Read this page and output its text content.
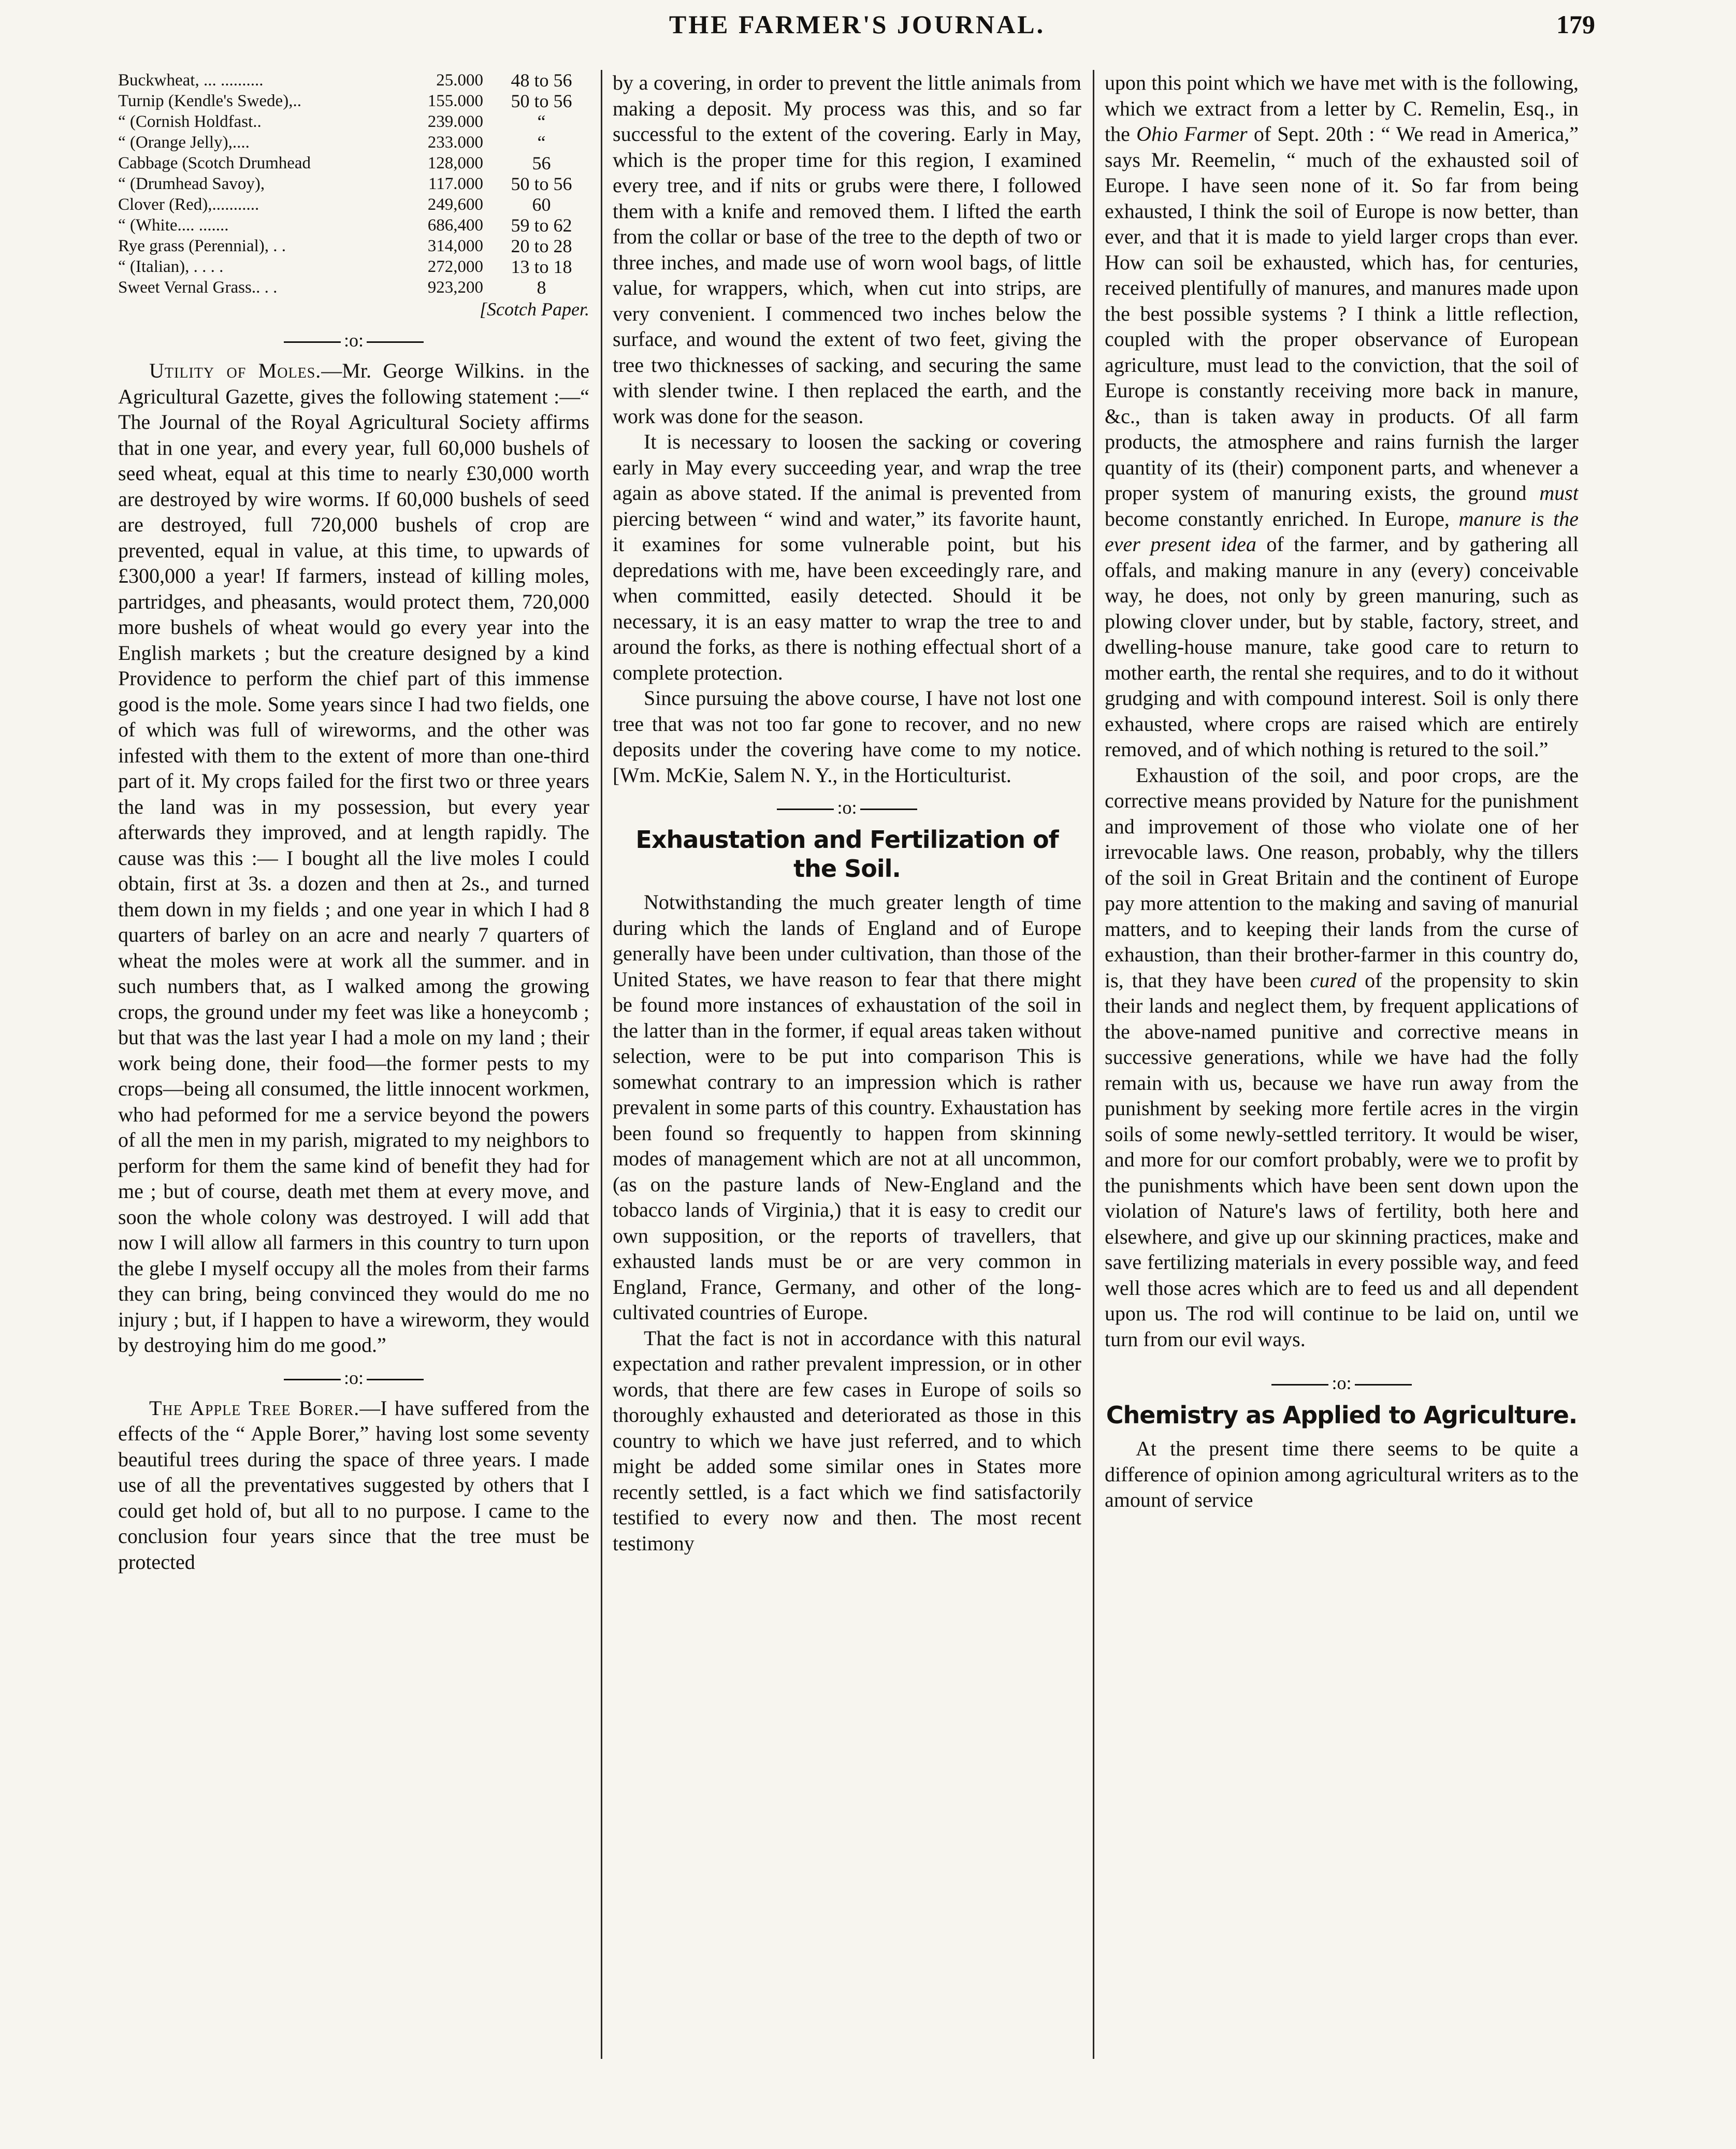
THE FARMER'S JOURNAL.	179
Buckwheat, ... ..........	25.000	48 to 56
Turnip (Kendle's Swede),..	155.000	50 to 56
“ (Cornish Holdfast..	239.000	“
“ (Orange Jelly),....	233.000	“
Cabbage (Scotch Drumhead	128,000	56
“ (Drumhead Savoy),	117.000	50 to 56
Clover (Red),...........	249,600	60
“ (White.... .......	686,400	59 to 62
Rye grass (Perennial), . .	314,000	20 to 28
“ (Italian), . . . .	272,000	13 to 18
Sweet Vernal Grass.. . .	923,200	8
[Scotch Paper.
:o:

Utility of Moles.—Mr. George Wilkins. in the Agricultural Gazette, gives the following statement :—“ The Journal of the Royal Agricultural Society affirms that in one year, and every year, full 60,000 bushels of seed wheat, equal at this time to nearly £30,000 worth are destroyed by wire worms. If 60,000 bushels of seed are destroyed, full 720,000 bushels of crop are prevented, equal in value, at this time, to upwards of £300,000 a year! If farmers, instead of killing moles, partridges, and pheasants, would protect them, 720,000 more bushels of wheat would go every year into the English markets ; but the creature designed by a kind Providence to perform the chief part of this immense good is the mole. Some years since I had two fields, one of which was full of wireworms, and the other was infested with them to the extent of more than one-third part of it. My crops failed for the first two or three years the land was in my possession, but every year afterwards they improved, and at length rapidly. The cause was this :— I bought all the live moles I could obtain, first at 3s. a dozen and then at 2s., and turned them down in my fields ; and one year in which I had 8 quarters of barley on an acre and nearly 7 quarters of wheat the moles were at work all the summer. and in such numbers that, as I walked among the growing crops, the ground under my feet was like a honeycomb ; but that was the last year I had a mole on my land ; their work being done, their food—the former pests to my crops—being all consumed, the little innocent workmen, who had peformed for me a service beyond the powers of all the men in my parish, migrated to my neighbors to perform for them the same kind of benefit they had for me ; but of course, death met them at every move, and soon the whole colony was destroyed. I will add that now I will allow all farmers in this country to turn upon the glebe I myself occupy all the moles from their farms they can bring, being convinced they would do me no injury ; but, if I happen to have a wireworm, they would by destroying him do me good.”

:o:

The Apple Tree Borer.—I have suffered from the effects of the “ Apple Borer,” having lost some seventy beautiful trees during the space of three years. I made use of all the preventatives suggested by others that I could get hold of, but all to no purpose. I came to the conclusion four years since that the tree must be protected

by a covering, in order to prevent the little animals from making a deposit. My process was this, and so far successful to the extent of the covering. Early in May, which is the proper time for this region, I examined every tree, and if nits or grubs were there, I followed them with a knife and removed them. I lifted the earth from the collar or base of the tree to the depth of two or three inches, and made use of worn wool bags, of little value, for wrappers, which, when cut into strips, are very convenient. I commenced two inches below the surface, and wound the extent of two feet, giving the tree two thicknesses of sacking, and securing the same with slender twine. I then replaced the earth, and the work was done for the season.

It is necessary to loosen the sacking or covering early in May every succeeding year, and wrap the tree again as above stated. If the animal is prevented from piercing between “ wind and water,” its favorite haunt, it examines for some vulnerable point, but his depredations with me, have been exceedingly rare, and when committed, easily detected. Should it be necessary, it is an easy matter to wrap the tree to and around the forks, as there is nothing effectual short of a complete protection.

Since pursuing the above course, I have not lost one tree that was not too far gone to recover, and no new deposits under the covering have come to my notice. [Wm. McKie, Salem N. Y., in the Horticulturist.

:o:
Exhaustation and Fertilization of the Soil.

Notwithstanding the much greater length of time during which the lands of England and of Europe generally have been under cultivation, than those of the United States, we have reason to fear that there might be found more instances of exhaustation of the soil in the latter than in the former, if equal areas taken without selection, were to be put into comparison This is somewhat contrary to an impression which is rather prevalent in some parts of this country. Exhaustation has been found so frequently to happen from skinning modes of management which are not at all uncommon, (as on the pasture lands of New-England and the tobacco lands of Virginia,) that it is easy to credit our own supposition, or the reports of travellers, that exhausted lands must be or are very common in England, France, Germany, and other of the long-cultivated countries of Europe.

That the fact is not in accordance with this natural expectation and rather prevalent impression, or in other words, that there are few cases in Europe of soils so thoroughly exhausted and deteriorated as those in this country to which we have just referred, and to which might be added some similar ones in States more recently settled, is a fact which we find satisfactorily testified to every now and then. The most recent testimony

upon this point which we have met with is the following, which we extract from a letter by C. Remelin, Esq., in the Ohio Farmer of Sept. 20th : “ We read in America,” says Mr. Reemelin, “ much of the exhausted soil of Europe. I have seen none of it. So far from being exhausted, I think the soil of Europe is now better, than ever, and that it is made to yield larger crops than ever. How can soil be exhausted, which has, for centuries, received plentifully of manures, and manures made upon the best possible systems ? I think a little reflection, coupled with the proper observance of European agriculture, must lead to the conviction, that the soil of Europe is constantly receiving more back in manure, &c., than is taken away in products. Of all farm products, the atmosphere and rains furnish the larger quantity of its (their) component parts, and whenever a proper system of manuring exists, the ground must become constantly enriched. In Europe, manure is the ever present idea of the farmer, and by gathering all offals, and making manure in any (every) conceivable way, he does, not only by green manuring, such as plowing clover under, but by stable, factory, street, and dwelling-house manure, take good care to return to mother earth, the rental she requires, and to do it without grudging and with compound interest. Soil is only there exhausted, where crops are raised which are entirely removed, and of which nothing is retured to the soil.”

Exhaustion of the soil, and poor crops, are the corrective means provided by Nature for the punishment and improvement of those who violate one of her irrevocable laws. One reason, probably, why the tillers of the soil in Great Britain and the continent of Europe pay more attention to the making and saving of manurial matters, and to keeping their lands from the curse of exhaustion, than their brother-farmer in this country do, is, that they have been cured of the propensity to skin their lands and neglect them, by frequent applications of the above-named punitive and corrective means in successive generations, while we have had the folly remain with us, because we have run away from the punishment by seeking more fertile acres in the virgin soils of some newly-settled territory. It would be wiser, and more for our comfort probably, were we to profit by the punishments which have been sent down upon the violation of Nature's laws of fertility, both here and elsewhere, and give up our skinning practices, make and save fertilizing materials in every possible way, and feed well those acres which are to feed us and all dependent upon us. The rod will continue to be laid on, until we turn from our evil ways.

:o:
Chemistry as Applied to Agriculture.

At the present time there seems to be quite a difference of opinion among agricultural writers as to the amount of service
